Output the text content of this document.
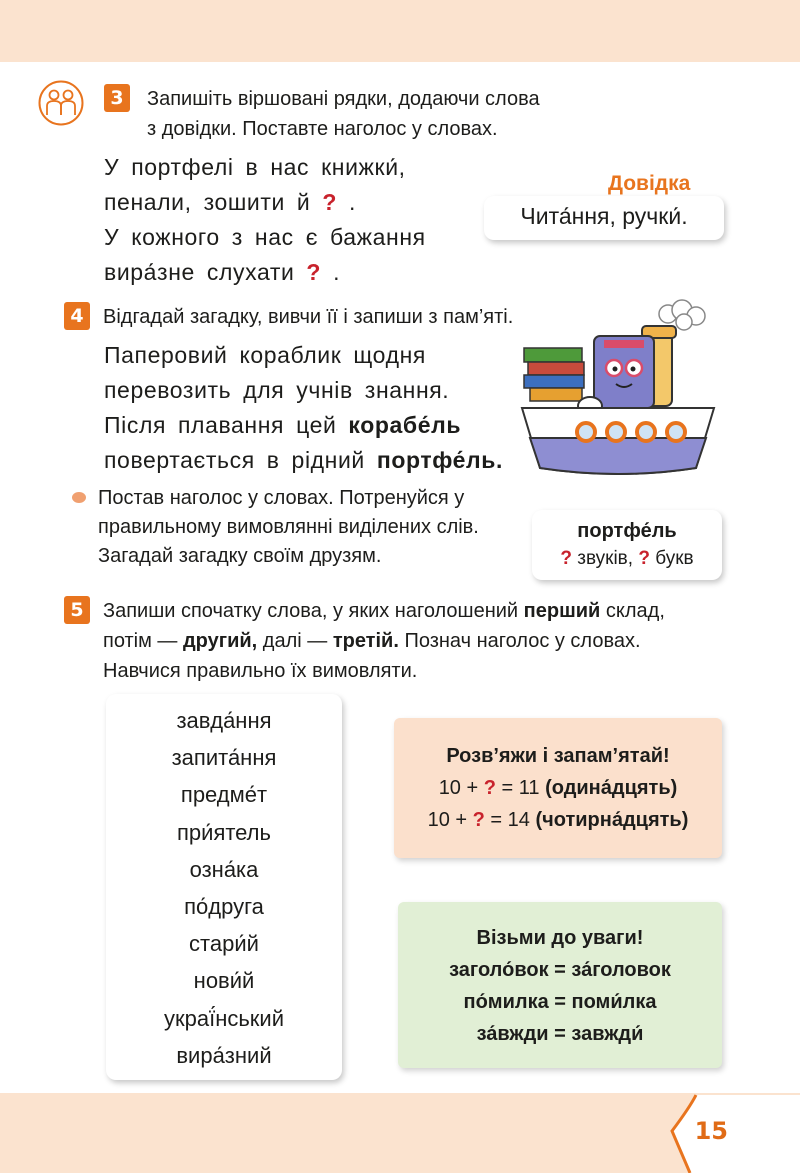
3	Запишіть віршовані рядки, додаючи слова
з довідки. Поставте наголос у словах.
У портфелі в нас книжки́,
пенали, зошити й ? .
У кожного з нас є бажання
вира́зне слухати ? .
Довідка
Чита́ння, ручки́.
4 Відгадай загадку, вивчи її і запиши з пам’яті.
Паперовий кораблик щодня
перевозить для учнів знання.
Після плавання цей корабе́ль
повертається в рідний портфе́ль.
Постав наголос у словах. Потренуйся у
правильному вимовлянні виділених слів.
Загадай загадку своїм друзям.
портфе́ль
? звуків, ? букв
5 Запиши спочатку слова, у яких наголошений перший склад,
потім — другий, далі — третій. Познач наголос у словах.
Навчися правильно їх вимовляти.
завда́ння
запита́ння
предме́т
при́ятель
озна́ка
по́друга
стари́й
нови́й
украї́нський
вира́зний
Розв’яжи і запам’ятай!
10 + ? = 11 (одина́дцять)
10 + ? = 14 (чотирна́дцять)
Візьми до уваги!
заголо́вок = за́головок
по́милка = поми́лка
за́вжди = завжди́
15
